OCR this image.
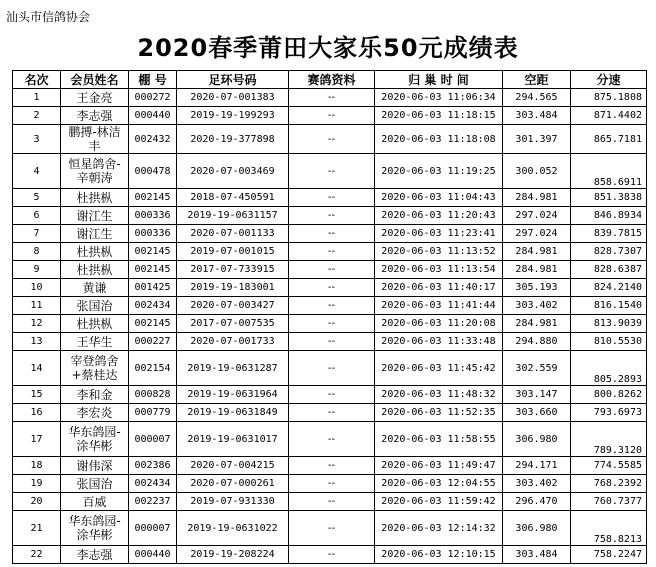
汕头市信鸽协会
2020春季莆田大家乐50元成绩表
名次	会员姓名	棚 号	足环号码	赛鸽资料	归 巢 时 间	空距	分速
1	王金亮	000272	2020-07-001383	--	2020-06-03 11:06:34	294.565	875.1808
2	李志强	000440	2019-19-199293	--	2020-06-03 11:18:15	303.484	871.4402
3	鹏搏-林洁丰	002432	2020-19-377898	--	2020-06-03 11:18:08	301.397	865.7181
4	恒星鸽舍-辛朝涛	000478	2020-07-003469	--	2020-06-03 11:19:25	300.052	858.6911
5	杜拱枞	002145	2018-07-450591	--	2020-06-03 11:04:43	284.981	851.3838
6	谢江生	000336	2019-19-0631157	--	2020-06-03 11:20:43	297.024	846.8934
7	谢江生	000336	2020-07-001133	--	2020-06-03 11:23:41	297.024	839.7815
8	杜拱枞	002145	2019-07-001015	--	2020-06-03 11:13:52	284.981	828.7307
9	杜拱枞	002145	2017-07-733915	--	2020-06-03 11:13:54	284.981	828.6387
10	黄谦	001425	2019-19-183001	--	2020-06-03 11:40:17	305.193	824.2140
11	张国治	002434	2020-07-003427	--	2020-06-03 11:41:44	303.402	816.1540
12	杜拱枞	002145	2017-07-007535	--	2020-06-03 11:20:08	284.981	813.9039
13	王华生	000227	2020-07-001733	--	2020-06-03 11:33:48	294.880	810.5530
14	宰登鸽舍+蔡桂达	002154	2019-19-0631287	--	2020-06-03 11:45:42	302.559	805.2893
15	李和金	000828	2019-19-0631964	--	2020-06-03 11:48:32	303.147	800.8262
16	李宏炎	000779	2019-19-0631849	--	2020-06-03 11:52:35	303.660	793.6973
17	华东鸽园-涂华彬	000007	2019-19-0631017	--	2020-06-03 11:58:55	306.980	789.3120
18	谢伟深	002386	2020-07-004215	--	2020-06-03 11:49:47	294.171	774.5585
19	张国治	002434	2020-07-000261	--	2020-06-03 12:04:55	303.402	768.2392
20	百威	002237	2019-07-931330	--	2020-06-03 11:59:42	296.470	760.7377
21	华东鸽园-涂华彬	000007	2019-19-0631022	--	2020-06-03 12:14:32	306.980	758.8213
22	李志强	000440	2019-19-208224	--	2020-06-03 12:10:15	303.484	758.2247
